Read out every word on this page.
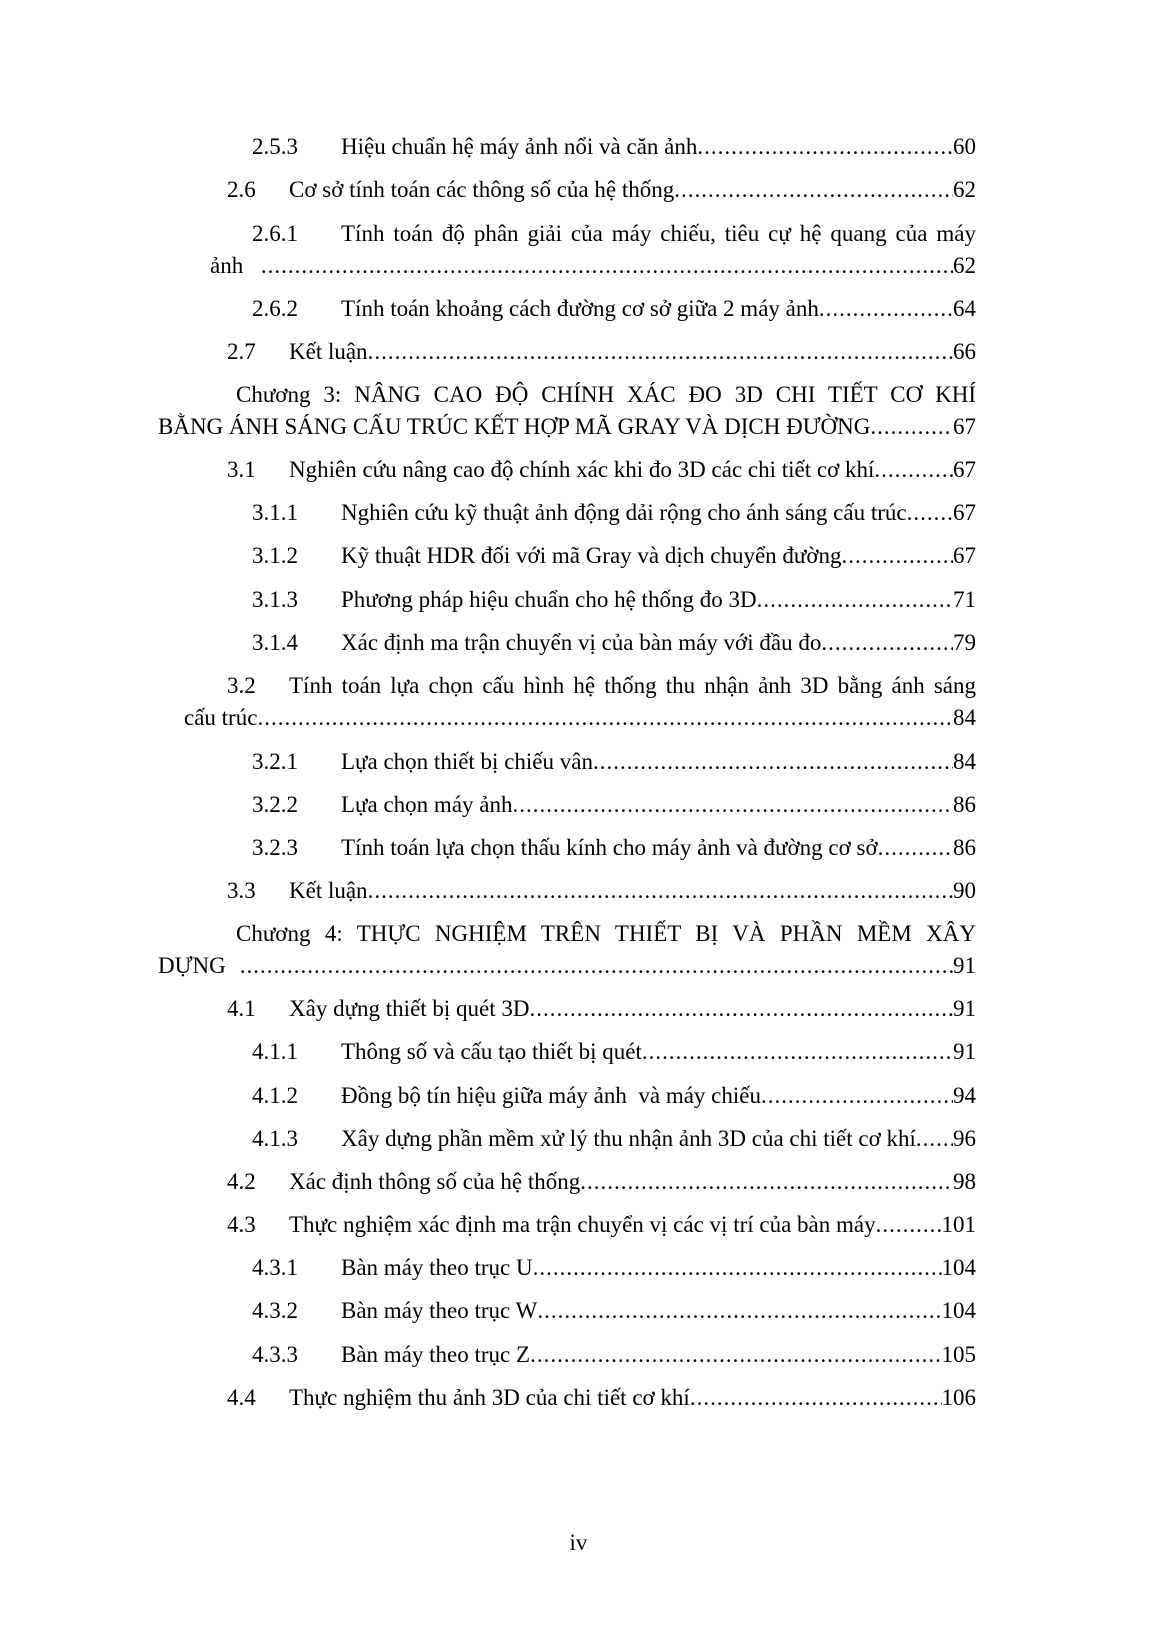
2.5.3 Hiệu chuẩn hệ máy ảnh nổi và căn ảnh .....	60
2.6 Cơ sở tính toán các thông số của hệ thống .....	62
2.6.1 Tính toán độ phân giải của máy chiếu, tiêu cự hệ quang của máy
ảnh .....	62
2.6.2 Tính toán khoảng cách đường cơ sở giữa 2 máy ảnh .....	64
2.7 Kết luận .....	66
Chương 3: NÂNG CAO ĐỘ CHÍNH XÁC ĐO 3D CHI TIẾT CƠ KHÍ
BẰNG ÁNH SÁNG CẤU TRÚC KẾT HỢP MÃ GRAY VÀ DỊCH ĐƯỜNG .....	67
3.1 Nghiên cứu nâng cao độ chính xác khi đo 3D các chi tiết cơ khí .....	67
3.1.1 Nghiên cứu kỹ thuật ảnh động dải rộng cho ánh sáng cấu trúc ..... 67
3.1.2 Kỹ thuật HDR đối với mã Gray và dịch chuyển đường .....	67
3.1.3 Phương pháp hiệu chuẩn cho hệ thống đo 3D .....	71
3.1.4 Xác định ma trận chuyển vị của bàn máy với đầu đo .....	79
3.2 Tính toán lựa chọn cấu hình hệ thống thu nhận ảnh 3D bằng ánh sáng
cấu trúc .....	84
3.2.1 Lựa chọn thiết bị chiếu vân .....	84
3.2.2 Lựa chọn máy ảnh .....	86
3.2.3 Tính toán lựa chọn thấu kính cho máy ảnh và đường cơ sở .....	86
3.3 Kết luận .....	90
Chương 4: THỰC NGHIỆM TRÊN THIẾT BỊ VÀ PHẦN MỀM XÂY
DỰNG .....	91
4.1 Xây dựng thiết bị quét 3D .....	91
4.1.1 Thông số và cấu tạo thiết bị quét .....	91
4.1.2 Đồng bộ tín hiệu giữa máy ảnh  và máy chiếu .....	94
4.1.3 Xây dựng phần mềm xử lý thu nhận ảnh 3D của chi tiết cơ khí ..... 96
4.2 Xác định thông số của hệ thống .....	98
4.3 Thực nghiệm xác định ma trận chuyển vị các vị trí của bàn máy .....	101
4.3.1 Bàn máy theo trục U .....	104
4.3.2 Bàn máy theo trục W .....	104
4.3.3 Bàn máy theo trục Z .....	105
4.4 Thực nghiệm thu ảnh 3D của chi tiết cơ khí .....	106
iv
